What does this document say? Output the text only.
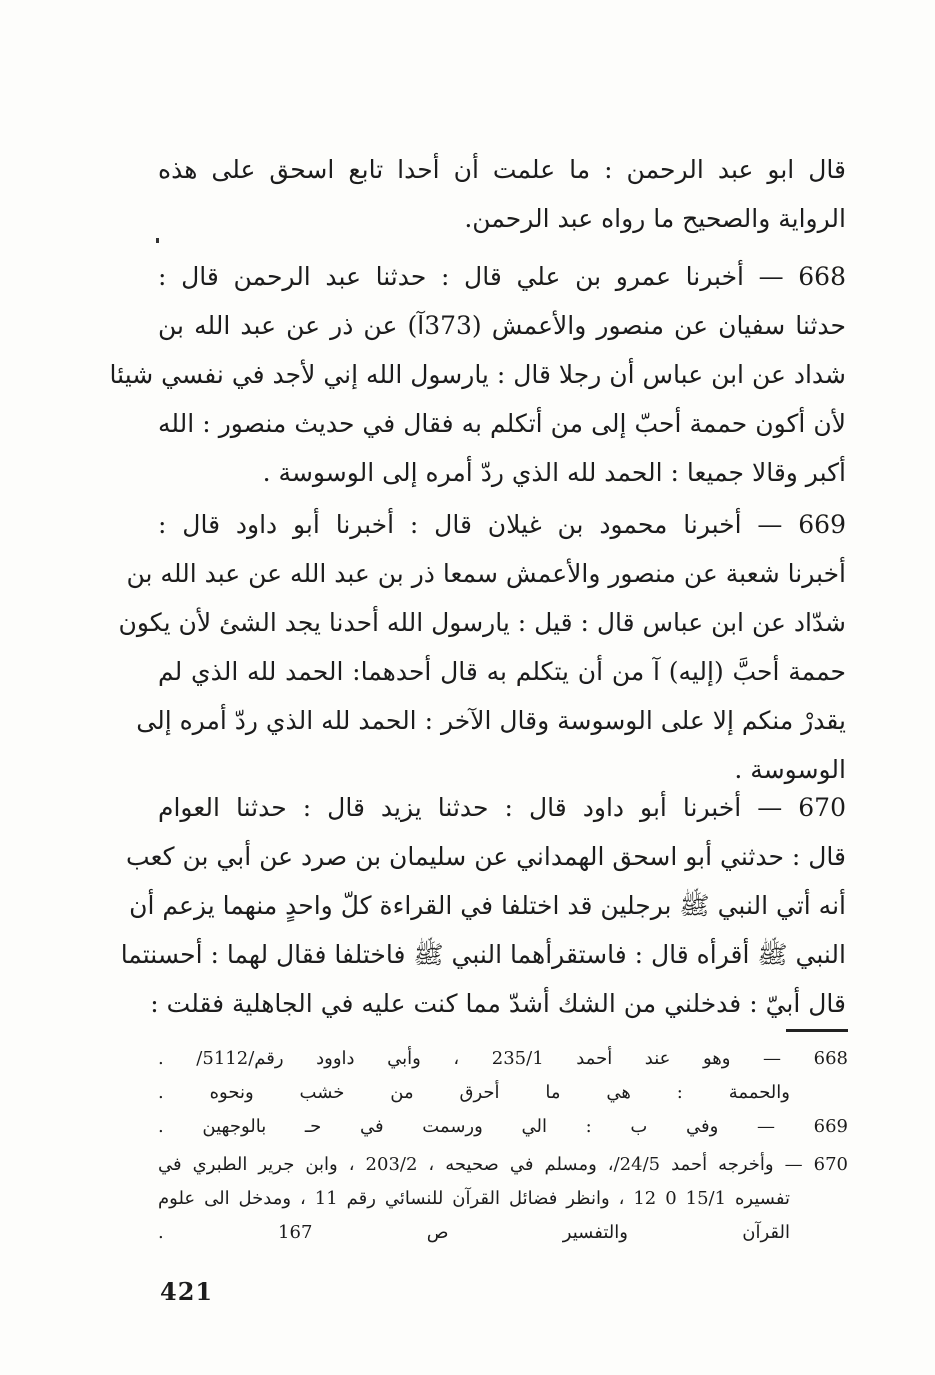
قال ابو عبد الرحمن : ما علمت أن أحدا تابع اسحق على هذه
الرواية والصحيح ما رواه عبد الرحمن.
668 — أخبرنا عمرو بن علي قال : حدثنا عبد الرحمن قال :
حدثنا سفيان عن منصور والأعمش (373آ) عن ذر عن عبد الله بن
شداد عن ابن عباس أن رجلا قال : يارسول الله إني لأجد في نفسي شيئا
لأن أكون حممة أحبّ إلى من أتكلم به فقال في حديث منصور : الله
أكبر وقالا جميعا : الحمد لله الذي ردّ أمره إلى الوسوسة .
669 — أخبرنا محمود بن غيلان قال : أخبرنا أبو داود قال :
أخبرنا شعبة عن منصور والأعمش سمعا ذر بن عبد الله عن عبد الله بن
شدّاد عن ابن عباس قال : قيل : يارسول الله أحدنا يجد الشئ لأن يكون
حممة أحبَّ (إليه) آ من أن يتكلم به قال أحدهما: الحمد لله الذي لم
يقدرْ منكم إلا على الوسوسة وقال الآخر : الحمد لله الذي ردّ أمره إلى
الوسوسة .
670 — أخبرنا أبو داود قال : حدثنا يزيد قال : حدثنا العوام
قال : حدثني أبو اسحق الهمداني عن سليمان بن صرد عن أبي بن كعب
أنه أتي النبي ﷺ برجلين قد اختلفا في القراءة كلّ واحدٍ منهما يزعم أن
النبي ﷺ أقرأه قال : فاستقرأهما النبي ﷺ فاختلفا فقال لهما : أحسنتما
قال أبيّ : فدخلني من الشك أشدّ مما كنت عليه في الجاهلية فقلت :
668 — وهو عند أحمد 235/1 ، وأبي داوود رقم/5112/ .
والحممة : هي ما أحرق من خشب ونحوه .
669 — وفي ب : الي ورسمت في حـ بالوجهين .
670 — وأخرجه أحمد 24/5/، ومسلم في صحيحه ، 203/2 ، وابن جرير الطبري في
تفسيره 15/1 0 12 ، وانظر فضائل القرآن للنسائي رقم 11 ، ومدخل الى علوم
القرآن والتفسير ص 167 .
421
